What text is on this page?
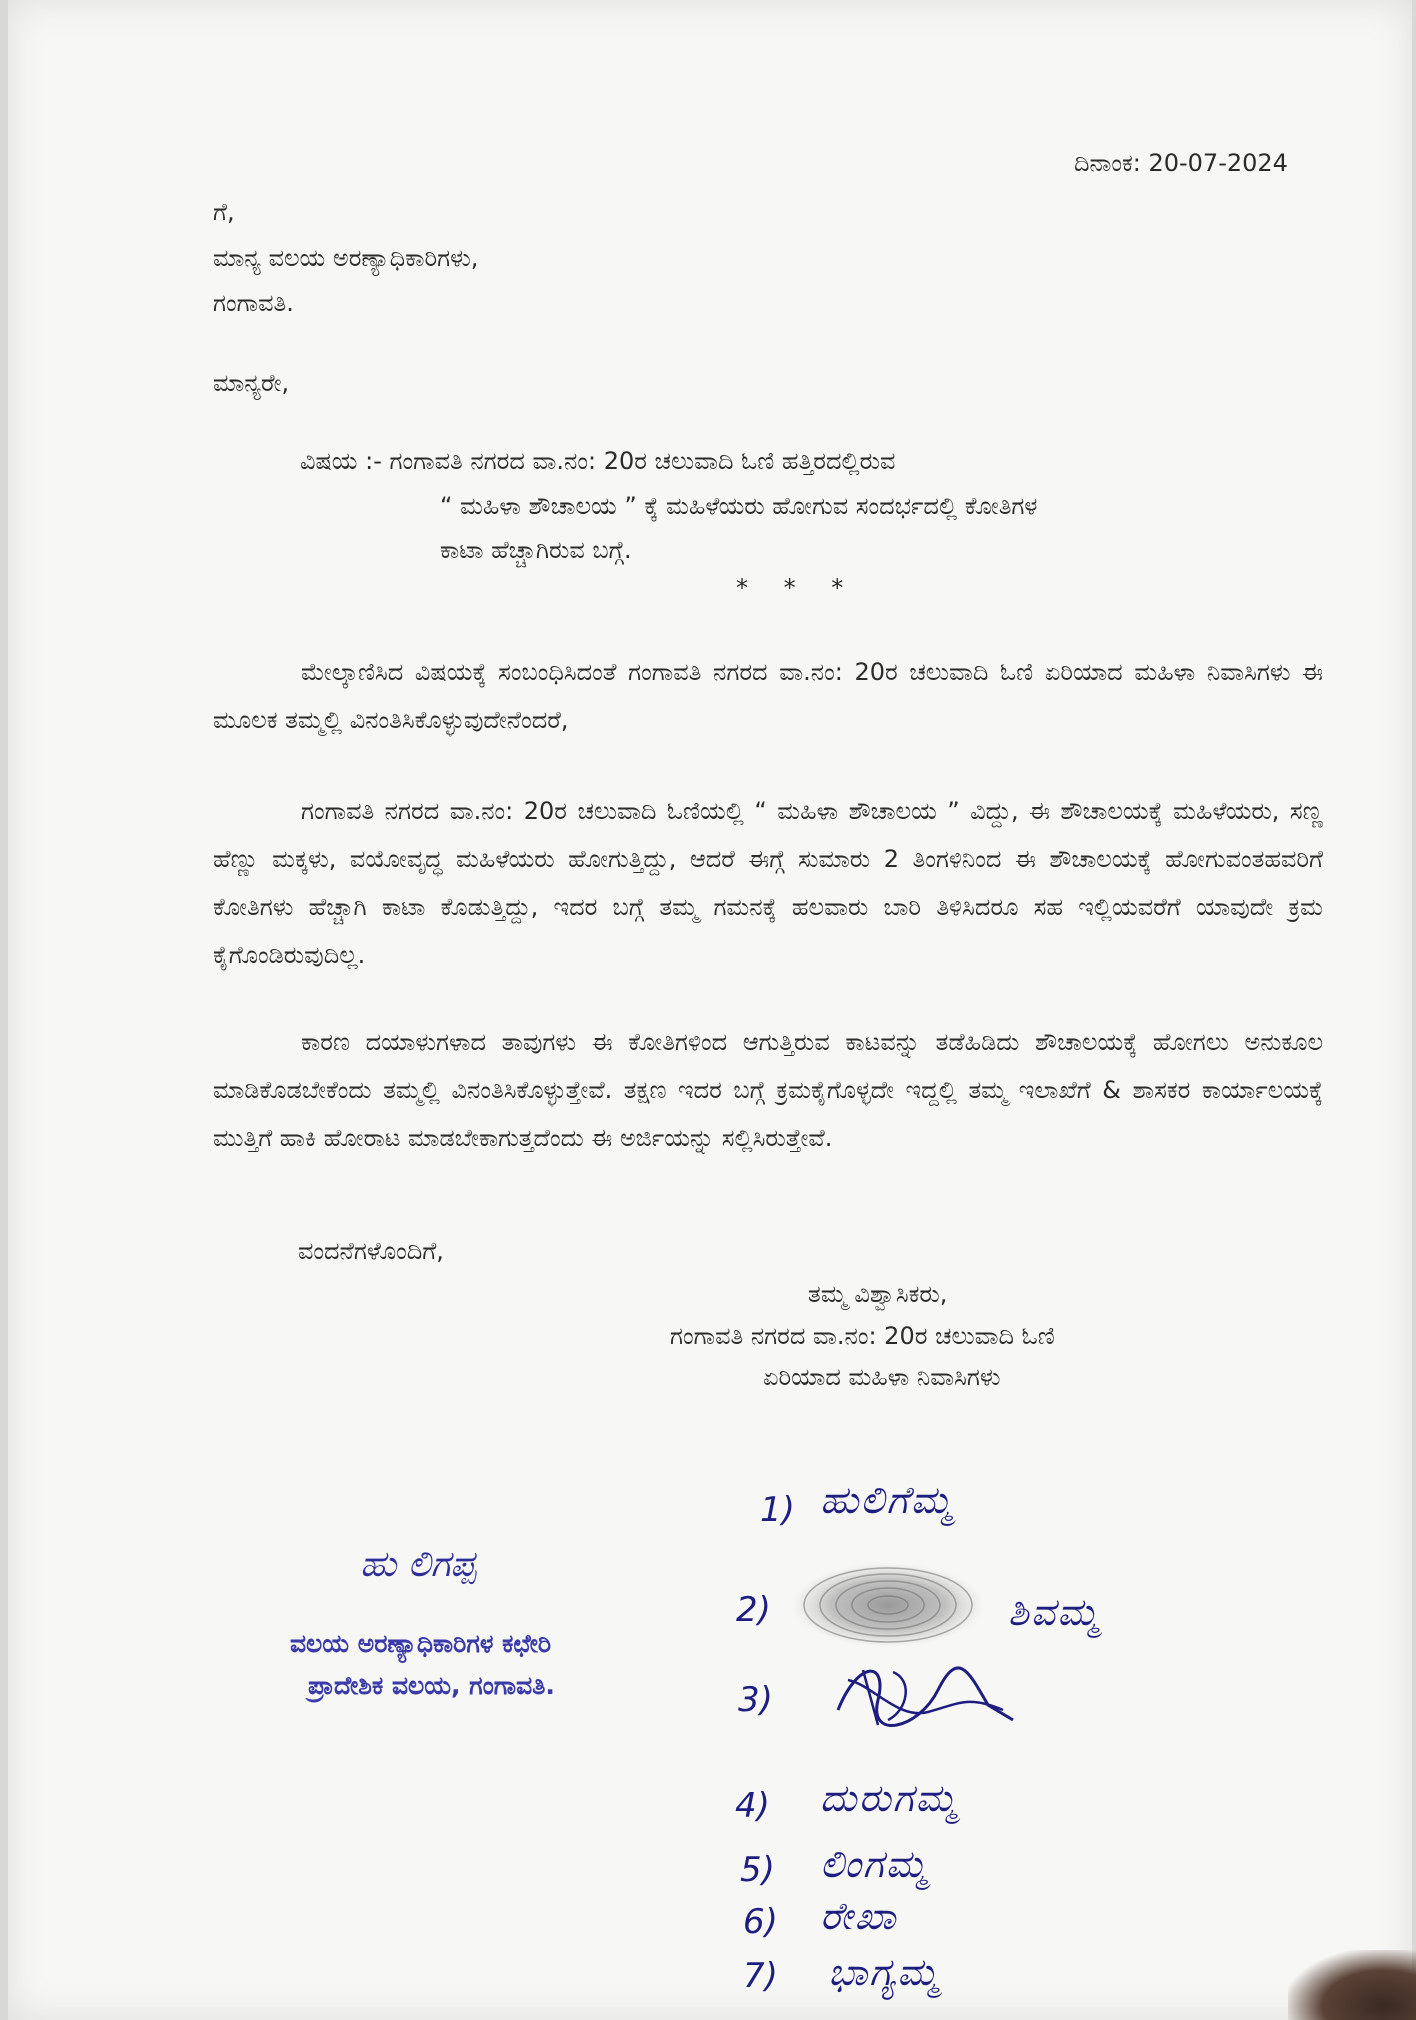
ದಿನಾಂಕ: 20-07-2024
ಗೆ,
ಮಾನ್ಯ ವಲಯ ಅರಣ್ಯಾಧಿಕಾರಿಗಳು,
ಗಂಗಾವತಿ.
ಮಾನ್ಯರೇ,
ವಿಷಯ :- ಗಂಗಾವತಿ ನಗರದ ವಾ.ನಂ: 20ರ ಚಲುವಾದಿ ಓಣಿ ಹತ್ತಿರದಲ್ಲಿರುವ
“ ಮಹಿಳಾ ಶೌಚಾಲಯ ” ಕ್ಕೆ ಮಹಿಳೆಯರು ಹೋಗುವ ಸಂದರ್ಭದಲ್ಲಿ ಕೋತಿಗಳ
ಕಾಟಾ ಹೆಚ್ಚಾಗಿರುವ ಬಗ್ಗೆ.
* * *
ಮೇಲ್ಕಾಣಿಸಿದ ವಿಷಯಕ್ಕೆ ಸಂಬಂಧಿಸಿದಂತೆ ಗಂಗಾವತಿ ನಗರದ ವಾ.ನಂ: 20ರ ಚಲುವಾದಿ ಓಣಿ ಏರಿಯಾದ ಮಹಿಳಾ ನಿವಾಸಿಗಳು ಈ ಮೂಲಕ ತಮ್ಮಲ್ಲಿ ವಿನಂತಿಸಿಕೊಳ್ಳುವುದೇನೆಂದರೆ,
ಗಂಗಾವತಿ ನಗರದ ವಾ.ನಂ: 20ರ ಚಲುವಾದಿ ಓಣಿಯಲ್ಲಿ “ ಮಹಿಳಾ ಶೌಚಾಲಯ ” ವಿದ್ದು, ಈ ಶೌಚಾಲಯಕ್ಕೆ ಮಹಿಳೆಯರು, ಸಣ್ಣ ಹೆಣ್ಣು ಮಕ್ಕಳು, ವಯೋವೃದ್ಧ ಮಹಿಳೆಯರು ಹೋಗುತ್ತಿದ್ದು, ಆದರೆ ಈಗ್ಗೆ ಸುಮಾರು 2 ತಿಂಗಳಿನಿಂದ ಈ ಶೌಚಾಲಯಕ್ಕೆ ಹೋಗುವಂತಹವರಿಗೆ ಕೋತಿಗಳು ಹೆಚ್ಚಾಗಿ ಕಾಟಾ ಕೊಡುತ್ತಿದ್ದು, ಇದರ ಬಗ್ಗೆ ತಮ್ಮ ಗಮನಕ್ಕೆ ಹಲವಾರು ಬಾರಿ ತಿಳಿಸಿದರೂ ಸಹ ಇಲ್ಲಿಯವರೆಗೆ ಯಾವುದೇ ಕ್ರಮ ಕೈಗೊಂಡಿರುವುದಿಲ್ಲ.
ಕಾರಣ ದಯಾಳುಗಳಾದ ತಾವುಗಳು ಈ ಕೋತಿಗಳಿಂದ ಆಗುತ್ತಿರುವ ಕಾಟವನ್ನು ತಡೆಹಿಡಿದು ಶೌಚಾಲಯಕ್ಕೆ ಹೋಗಲು ಅನುಕೂಲ ಮಾಡಿಕೊಡಬೇಕೆಂದು ತಮ್ಮಲ್ಲಿ ವಿನಂತಿಸಿಕೊಳ್ಳುತ್ತೇವೆ. ತಕ್ಷಣ ಇದರ ಬಗ್ಗೆ ಕ್ರಮಕೈಗೊಳ್ಳದೇ ಇದ್ದಲ್ಲಿ ತಮ್ಮ ಇಲಾಖೆಗೆ & ಶಾಸಕರ ಕಾರ್ಯಾಲಯಕ್ಕೆ ಮುತ್ತಿಗೆ ಹಾಕಿ ಹೋರಾಟ ಮಾಡಬೇಕಾಗುತ್ತದೆಂದು ಈ ಅರ್ಜಿಯನ್ನು ಸಲ್ಲಿಸಿರುತ್ತೇವೆ.
ವಂದನೆಗಳೊಂದಿಗೆ,
ತಮ್ಮ ವಿಶ್ವಾಸಿಕರು,
ಗಂಗಾವತಿ ನಗರದ ವಾ.ನಂ: 20ರ ಚಲುವಾದಿ ಓಣಿ
ಏರಿಯಾದ ಮಹಿಳಾ ನಿವಾಸಿಗಳು
ಹು ಲಿಗಪ್ಪ
ವಲಯ ಅರಣ್ಯಾಧಿಕಾರಿಗಳ ಕಛೇರಿ
ಪ್ರಾದೇಶಿಕ ವಲಯ, ಗಂಗಾವತಿ.
1) ಹುಲಿಗೆಮ್ಮ
2)	ಶಿವಮ್ಮ
3)
4) ದುರುಗಮ್ಮ
5) ಲಿಂಗಮ್ಮ
6) ರೇಖಾ
7) ಭಾಗ್ಯಮ್ಮ
